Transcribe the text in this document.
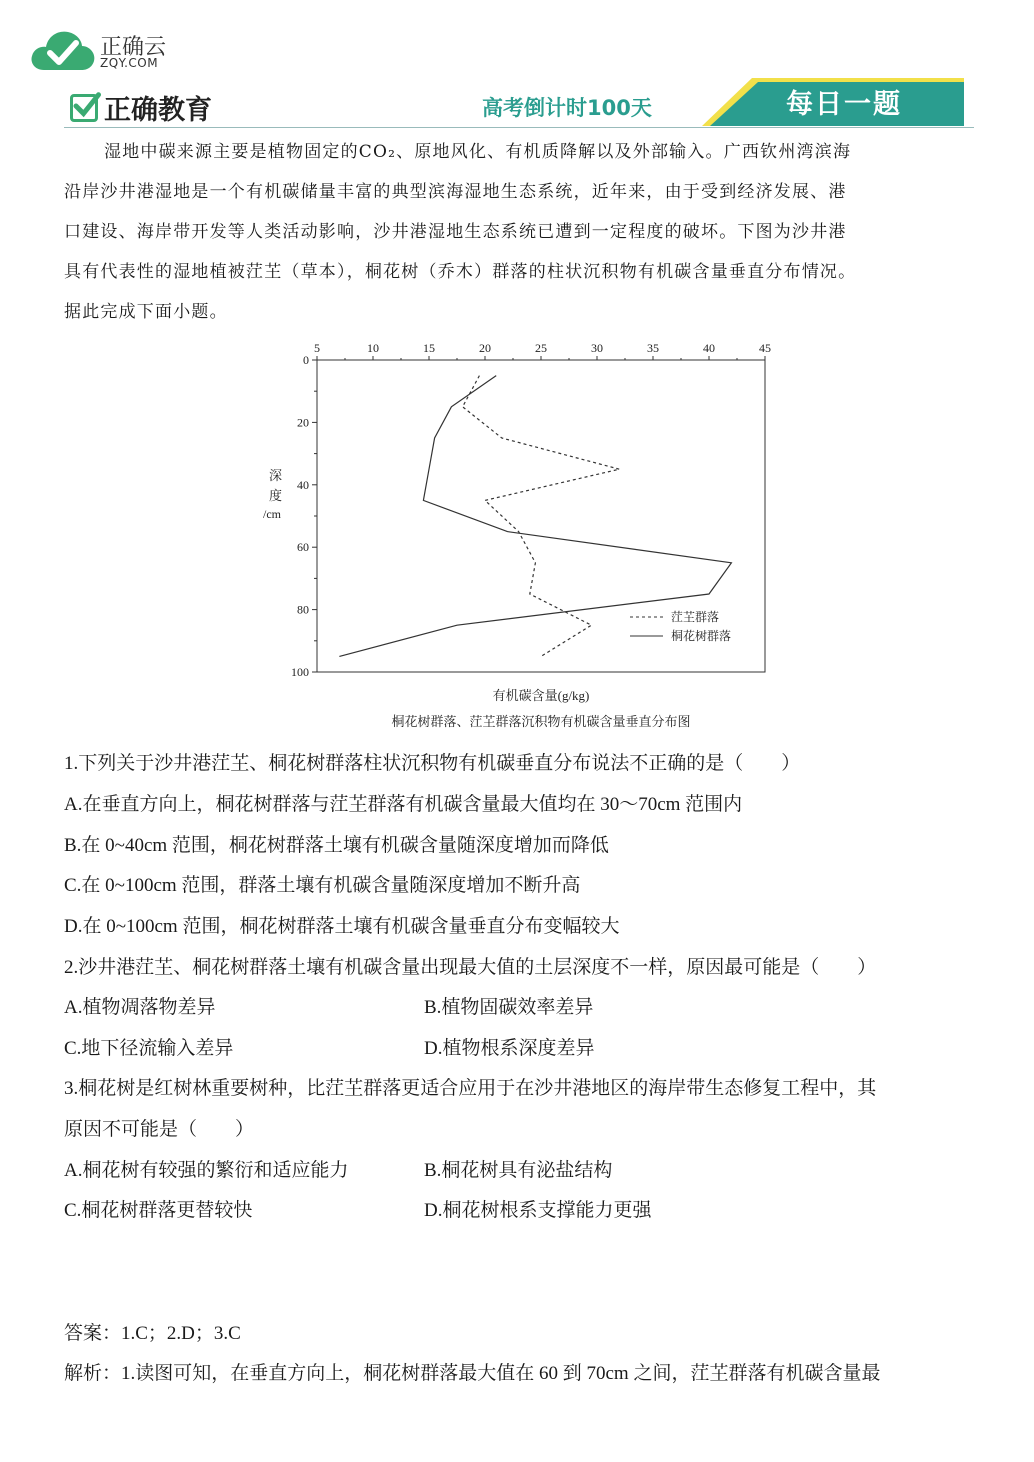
正确云
ZQY.COM
正确教育	高考倒计时100天	每日一题
湿地中碳来源主要是植物固定的CO₂、原地风化、有机质降解以及外部输入。广西钦州湾滨海
沿岸沙井港湿地是一个有机碳储量丰富的典型滨海湿地生态系统，近年来，由于受到经济发展、港
口建设、海岸带开发等人类活动影响，沙井港湿地生态系统已遭到一定程度的破坏。下图为沙井港
具有代表性的湿地植被茳芏（草本），桐花树（乔木）群落的柱状沉积物有机碳含量垂直分布情况。
据此完成下面小题。
5	10	15	20	25	30	35	40	45
0
20
40
60
80
100
深
度
/cm
茳芏群落
桐花树群落
有机碳含量(g/kg)
桐花树群落、茳芏群落沉积物有机碳含量垂直分布图
1.下列关于沙井港茳芏、桐花树群落柱状沉积物有机碳垂直分布说法不正确的是（　　）
A.在垂直方向上，桐花树群落与茳芏群落有机碳含量最大值均在 30～70cm 范围内
B.在 0~40cm 范围，桐花树群落土壤有机碳含量随深度增加而降低
C.在 0~100cm 范围，群落土壤有机碳含量随深度增加不断升高
D.在 0~100cm 范围，桐花树群落土壤有机碳含量垂直分布变幅较大
2.沙井港茳芏、桐花树群落土壤有机碳含量出现最大值的土层深度不一样，原因最可能是（　　）
A.植物凋落物差异	B.植物固碳效率差异
C.地下径流输入差异	D.植物根系深度差异
3.桐花树是红树林重要树种，比茳芏群落更适合应用于在沙井港地区的海岸带生态修复工程中，其
原因不可能是（　　）
A.桐花树有较强的繁衍和适应能力	B.桐花树具有泌盐结构
C.桐花树群落更替较快	D.桐花树根系支撑能力更强
答案：1.C；2.D；3.C
解析：1.读图可知，在垂直方向上，桐花树群落最大值在 60 到 70cm 之间，茳芏群落有机碳含量最
